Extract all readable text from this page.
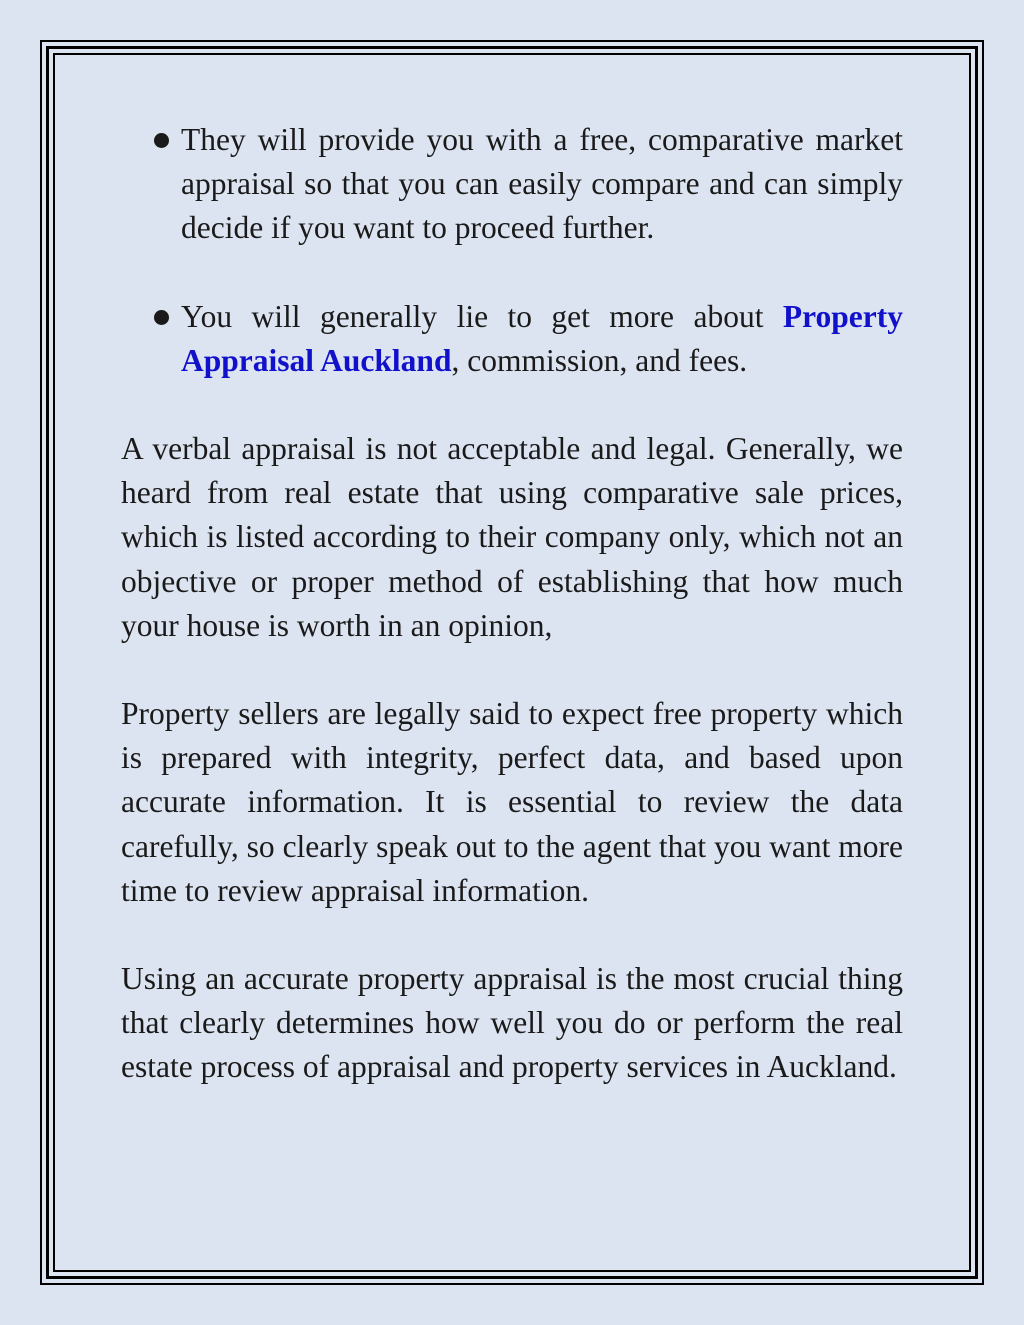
They will provide you with a free, comparative market appraisal so that you can easily compare and can simply decide if you want to proceed further.
You will generally lie to get more about Property Appraisal Auckland, commission, and fees.

A verbal appraisal is not acceptable and legal. Generally, we heard from real estate that using comparative sale prices, which is listed according to their company only, which not an objective or proper method of establishing that how much your house is worth in an opinion,

Property sellers are legally said to expect free property which is prepared with integrity, perfect data, and based upon accurate information. It is essential to review the data carefully, so clearly speak out to the agent that you want more time to review appraisal information.

Using an accurate property appraisal is the most crucial thing that clearly determines how well you do or perform the real estate process of appraisal and property services in Auckland.
